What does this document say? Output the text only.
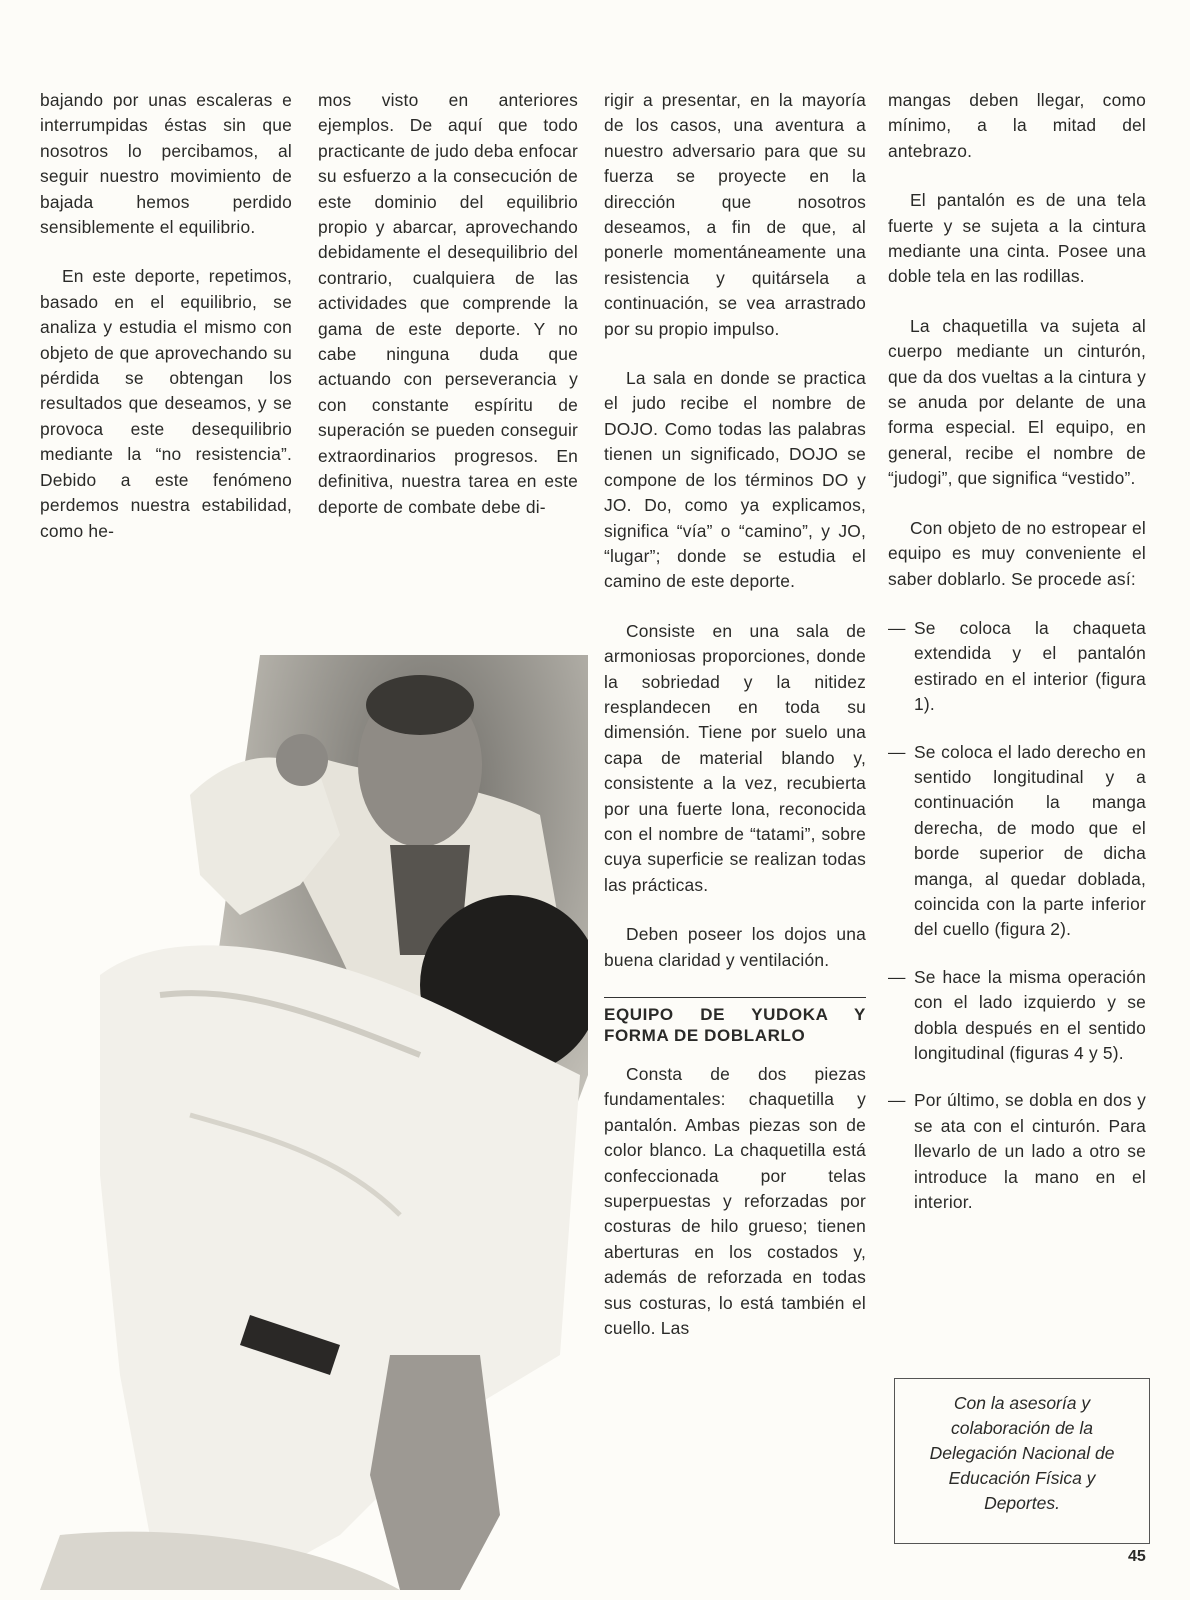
bajando por unas escaleras e interrumpidas éstas sin que nosotros lo percibamos, al seguir nuestro movimiento de bajada hemos perdido sensiblemente el equilibrio.

En este deporte, repetimos, basado en el equilibrio, se analiza y estudia el mismo con objeto de que aprovechando su pérdida se obtengan los resultados que deseamos, y se provoca este desequilibrio mediante la “no resistencia”. Debido a este fenómeno perdemos nuestra estabilidad, como he-

mos visto en anteriores ejemplos. De aquí que todo practicante de judo deba enfocar su esfuerzo a la consecución de este dominio del equilibrio propio y abarcar, aprovechando debidamente el desequilibrio del contrario, cualquiera de las actividades que comprende la gama de este deporte. Y no cabe ninguna duda que actuando con perseverancia y con constante espíritu de superación se pueden conseguir extraordinarios progresos. En definitiva, nuestra tarea en este deporte de combate debe di-

rigir a presentar, en la mayoría de los casos, una aventura a nuestro adversario para que su fuerza se proyecte en la dirección que nosotros deseamos, a fin de que, al ponerle momentáneamente una resistencia y quitársela a continuación, se vea arrastrado por su propio impulso.

La sala en donde se practica el judo recibe el nombre de DOJO. Como todas las palabras tienen un significado, DOJO se compone de los términos DO y JO. Do, como ya explicamos, significa “vía” o “camino”, y JO, “lugar”; donde se estudia el camino de este deporte.

Consiste en una sala de armoniosas proporciones, donde la sobriedad y la nitidez resplandecen en toda su dimensión. Tiene por suelo una capa de material blando y, consistente a la vez, recubierta por una fuerte lona, reconocida con el nombre de “tatami”, sobre cuya superficie se realizan todas las prácticas.

Deben poseer los dojos una buena claridad y ventilación.

EQUIPO DE YUDOKA Y FORMA DE DOBLARLO

Consta de dos piezas fundamentales: chaquetilla y pantalón. Ambas piezas son de color blanco. La chaquetilla está confeccionada por telas superpuestas y reforzadas por costuras de hilo grueso; tienen aberturas en los costados y, además de reforzada en todas sus costuras, lo está también el cuello. Las

mangas deben llegar, como mínimo, a la mitad del antebrazo.

El pantalón es de una tela fuerte y se sujeta a la cintura mediante una cinta. Posee una doble tela en las rodillas.

La chaquetilla va sujeta al cuerpo mediante un cinturón, que da dos vueltas a la cintura y se anuda por delante de una forma especial. El equipo, en general, recibe el nombre de “judogi”, que significa “vestido”.

Con objeto de no estropear el equipo es muy conveniente el saber doblarlo. Se procede así:

— Se coloca la chaqueta extendida y el pantalón estirado en el interior (figura 1).
— Se coloca el lado derecho en sentido longitudinal y a continuación la manga derecha, de modo que el borde superior de dicha manga, al quedar doblada, coincida con la parte inferior del cuello (figura 2).
— Se hace la misma operación con el lado izquierdo y se dobla después en el sentido longitudinal (figuras 4 y 5).
— Por último, se dobla en dos y se ata con el cinturón. Para llevarlo de un lado a otro se introduce la mano en el interior.
Con la asesoría y colaboración de la Delegación Nacional de Educación Física y Deportes.
45
